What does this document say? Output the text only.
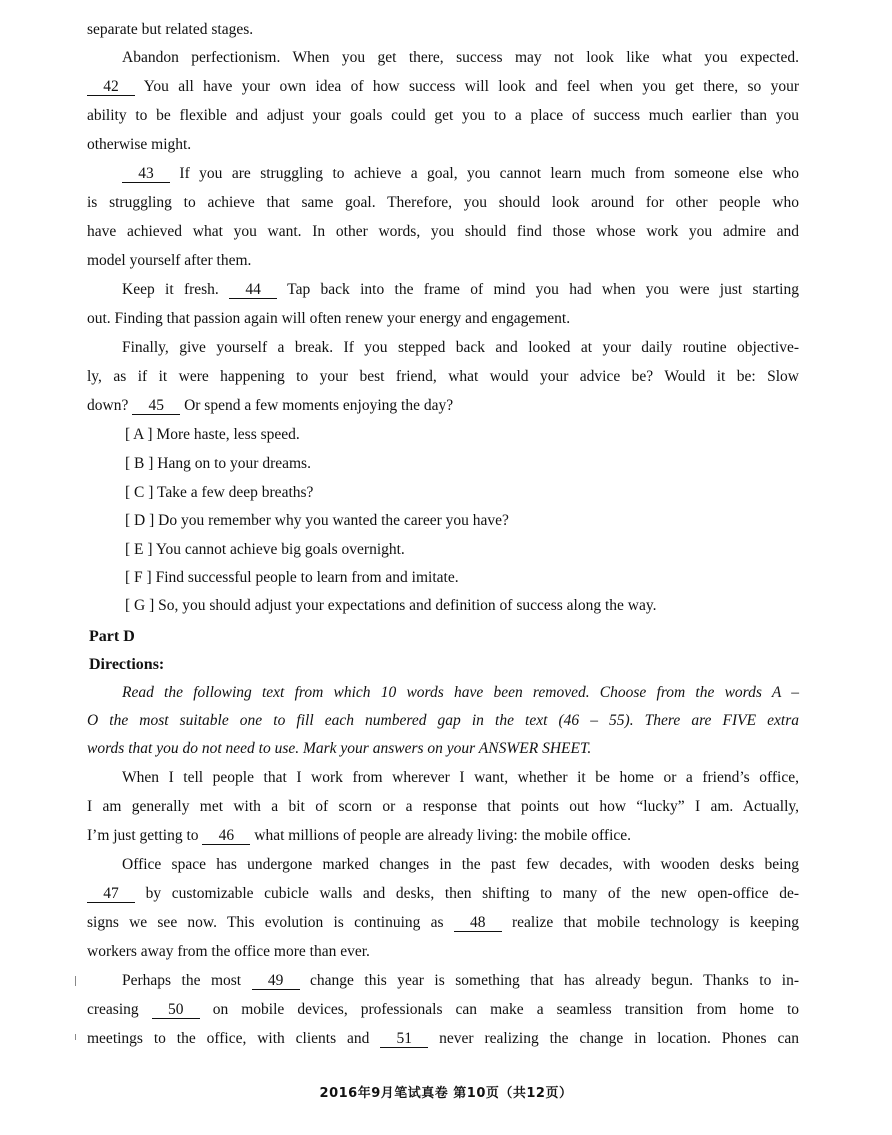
separate but related stages.
Abandon perfectionism. When you get there, success may not look like what you expected.
42 You all have your own idea of how success will look and feel when you get there, so your
ability to be flexible and adjust your goals could get you to a place of success much earlier than you
otherwise might.
43 If you are struggling to achieve a goal, you cannot learn much from someone else who
is struggling to achieve that same goal. Therefore, you should look around for other people who
have achieved what you want. In other words, you should find those whose work you admire and
model yourself after them.
Keep it fresh. 44 Tap back into the frame of mind you had when you were just starting
out. Finding that passion again will often renew your energy and engagement.
Finally, give yourself a break. If you stepped back and looked at your daily routine objective-
ly, as if it were happening to your best friend, what would your advice be? Would it be: Slow
down? 45 Or spend a few moments enjoying the day?
[ A ] More haste, less speed.
[ B ] Hang on to your dreams.
[ C ] Take a few deep breaths?
[ D ] Do you remember why you wanted the career you have?
[ E ] You cannot achieve big goals overnight.
[ F ] Find successful people to learn from and imitate.
[ G ] So, you should adjust your expectations and definition of success along the way.
Part D
Directions:
Read the following text from which 10 words have been removed. Choose from the words A –
O the most suitable one to fill each numbered gap in the text (46 – 55). There are FIVE extra
words that you do not need to use. Mark your answers on your ANSWER SHEET.
When I tell people that I work from wherever I want, whether it be home or a friend’s office,
I am generally met with a bit of scorn or a response that points out how “lucky” I am. Actually,
I’m just getting to 46 what millions of people are already living: the mobile office.
Office space has undergone marked changes in the past few decades, with wooden desks being
47 by customizable cubicle walls and desks, then shifting to many of the new open-office de-
signs we see now. This evolution is continuing as 48 realize that mobile technology is keeping
workers away from the office more than ever.
Perhaps the most 49 change this year is something that has already begun. Thanks to in-
creasing 50 on mobile devices, professionals can make a seamless transition from home to
meetings to the office, with clients and 51 never realizing the change in location. Phones can
2016年9月笔试真卷 第10页（共12页）
